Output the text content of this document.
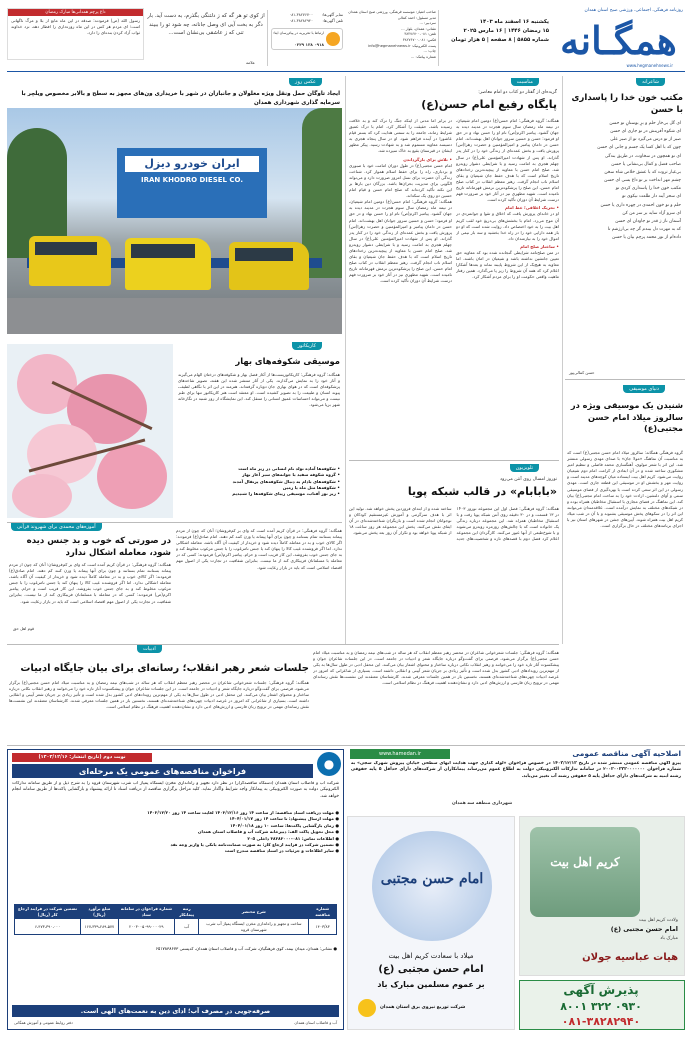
روزنامه فرهنگی، اجتماعی، ورزشی صبح استان همدان
همگـانه
www.hegmanehnews.ir
یکشنبه ۱۶ اسفند ماه ۱۴۰۳
۱۵ رمضان ۱۴۴۶ | ۱۶ مارس ۲۰۲۵
شماره ۵۸۵۵ | ۸ صفحه | ۵ هزار تومان
صاحب امتیاز: موسسه فرهنگی، ورزشی صبح استان همدان
مدیر مسئول: احمد کمالی
سردبیر: ...
نشانی: همدان، بلوار ...
تلفن: ۰۸۱-۳۸۲۷۶۷۰۰
فکس: ۰۸۱-۳۸۲۷۶۷۰۰
پست الکترونیک: info@hegmanehnews.ir
چاپ: ...
شماره پیامک: ...
نمابر آگهی‌ها:
تلفن آگهی‌ها:
۰۸۱-۳۸۲۷۶۷۰۰
۰۸۱-۳۸۲۸۲۹۴۰
ارتباط با تحریریه در پیام‌رسان ایتا:
۰۹۱۸ ۱۳۸ ۰۲۲۹
از کوی تو هر گه که ز دلتنگی بگذرم، به دست آید. بار دگر به بخت آیی ای وصل جانانه، چه شود تو را ببیند تنی که ز عاشقی بی‌نشان است...
علامه
داغ پرچم همدانی‌ها مبارک رمضان
رسول الله (ص) فرمودند: صدقه در این ماه مانع از بلا و مرگ ناگهانی است؛ ای مردم هر کس در این ماه روزه‌داری را افطار دهد، نزد خداوند ثواب آزاد کردن بنده‌ای را دارد.
شاعرانه
مکتب خون خدا را پاسداری با حسن
ای گل بی‌خار حلم و برِ بوستانِ تو حسن
ای شکوه آفرینش در تو جاری ای حسن
صبر از تو درس می‌گیرد تو از صبر علی
چون که با اهل کسا یک جسم و جانی ای حسن
ای تو همچون در سخاوت، در طریق بندگی
صاحب فضل و کمال بی‌نشانی یا حسن
بی‌غبار ثروت که با عشق خلاص شاه سخن
چشم مهر انداخت بر تو داغ بسی ای حسن
مکتب خون خدا را پاسداری کردی تو
ای سحر آینه دار طلعت نیکوی تو
حلم و تو خون احمدی در چهره داری یا حسن
ای سرو آزاد سایه بر سر من کن
آسمان ناز ز قدر تو جاودان ای حسن
که به مهرت دل ببندم گر چه بی‌ارزشم تا
داده‌ام از نور محمد پرچم بیان یا حسن
حسن کمالی‌پور
دنیای موسیقی
شنیدن یک موسیقی ویژه در سالروز میلاد امام حسن مجتبی(ع)
گروه فرهنگی همگانه: سالروز میلاد امام حسن مجتبی(ع) است که به مناسبت آن نماهنگ «مولا جان» با صدای مهدی رسولی منتشر شد. این اثر با شعر مولوی، آهنگسازی محمد فاضلی و تنظیم امیر مشکوری ساخته شده و در آن ابعادی از کرامت امام دوم شیعیان روایت می‌شود. کریم اهل بیت ایستاده میان کوچه‌های مدینه است و روایت مهر و بخشش او در موسیقی این قطعه جاری است. مهدی رسولی در این اثر سعی کرده است با بهره‌گیری از فضای موسیقی سنتی و آوای دلنشین، ارادت خود را به ساحت امام مجتبی(ع) بیان کند. این نماهنگ در فضای مجازی با استقبال مخاطبان همراه بوده و در شبکه‌های مختلف به نمایش درآمده است. علاقه‌مندان می‌توانند این اثر را در سکوهای پخش موسیقی بشنوند و با آن در شب میلاد کریم اهل بیت همراه شوند. آیین‌های جشن در شهرهای استان نیز با اجرای برنامه‌های مختلف در حال برگزاری است.
مناسبت
گزیده‌ای از گفتار دو کتاب دو امام معاصر:
پایگاه رفیع امام حسن(ع)
همگانه: گروه فرهنگی: امام حسن(ع) دومین امام شیعیان، در نیمه ماه رمضان سال سوم هجرت در مدینه دیده به جهان گشود. پیامبر اکرم(ص) نام او را حسن نهاد و در حق او فرمود: حسن و حسین سرور جوانان اهل بهشت‌اند. امام حسن در دامان پیامبر و امیرالمؤمنین و حضرت زهرا(س) پرورش یافت و بخش عمده‌ای از زندگی خود را در کنار پدر گذراند. او پس از شهادت امیرالمؤمنین علی(ع) در سال چهلم هجری به امامت رسید و با شرایطی دشوار روبه‌رو شد. صلح امام حسن با معاویه از پیچیده‌ترین رخدادهای تاریخ اسلام است که با هدف حفظ جان شیعیان و بقای اسلام ناب انجام گرفت. رهبر معظم انقلاب در کتاب صلح امام حسن، این صلح را پرشکوه‌ترین نرمش قهرمانانه تاریخ نامیده است. شهید مطهری نیز در آثار خود بر ضرورت فهم درست شرایط آن دوران تأکید کرده است.
• تحریک اخلاقی؛ خط امام
او در خانه‌ای پرورش یافت که اخلاق و تقوا و جوانمردی در آن موج می‌زد. امام با بخشش‌های بی‌دریغ خود لقب کریم اهل بیت را به خود اختصاص داد. روایت شده است که او دو بار همه دارایی خود را در راه خدا بخشید و سه بار نیمی از اموال خود را به نیازمندان داد.
• ساختار صلح امام
در متن صلح‌نامه شرایطی گنجانده شده بود که معاویه حق تعیین جانشین نداشته باشد و شیعیان در امان باشند. اما معاویه به هیچ‌یک از این شروط پایبند نماند و بعدها آشکارا اعلام کرد که همه آن شروط را زیر پا می‌گذارد. همین رفتار ماهیت واقعی حکومت او را برای مردم آشکار کرد.
در برابر اما مدتی از اینکه جنگ را ترک کند و به خلافت رسیده باشد، حقیقت را آشکار کرد. امام با درک عمیق شرایط زمانه، جامعه را به سمتی هدایت کرد که بستر قیام عاشورا در آینده فراهم شود. او در سال پنجاه هجری به دسیسه معاویه مسموم شد و به شهادت رسید. پیکر مطهر ایشان در قبرستان بقیع به خاک سپرده شد.
• تلاش برای بازگرداندن
امام حسن مجتبی(ع) در طول دوران امامت خود با صبوری و بردباری، راه را برای حفظ اسلام هموار کرد. شناخت زندگی آن حضرت برای نسل امروز ضرورت دارد و می‌تواند الگویی برای مدیریت بحران‌ها باشد. بزرگان دین بارها بر این نکته تأکید کرده‌اند که صلح امام حسن و قیام امام حسین دو روی یک سکه‌اند.
همگانه: گروه فرهنگی: امام حسن(ع) دومین امام شیعیان، در نیمه ماه رمضان سال سوم هجرت در مدینه دیده به جهان گشود. پیامبر اکرم(ص) نام او را حسن نهاد و در حق او فرمود: حسن و حسین سرور جوانان اهل بهشت‌اند. امام حسن در دامان پیامبر و امیرالمؤمنین و حضرت زهرا(س) پرورش یافت و بخش عمده‌ای از زندگی خود را در کنار پدر گذراند. او پس از شهادت امیرالمؤمنین علی(ع) در سال چهلم هجری به امامت رسید و با شرایطی دشوار روبه‌رو شد. صلح امام حسن با معاویه از پیچیده‌ترین رخدادهای تاریخ اسلام است که با هدف حفظ جان شیعیان و بقای اسلام ناب انجام گرفت. رهبر معظم انقلاب در کتاب صلح امام حسن، این صلح را پرشکوه‌ترین نرمش قهرمانانه تاریخ نامیده است. شهید مطهری نیز در آثار خود بر ضرورت فهم درست شرایط آن دوران تأکید کرده است.
تلویزیون
نوروز امسال روی آنتن می‌رود
«بابابام» در قالب شبکه پویا
همگانه: گروه فرهنگی: فصل اول این مجموعه نوروز ۱۴۰۳ در ۱۳ قسمت و در ۳۰ دقیقه روی آنتن شبکه پویا رفت و با استقبال مخاطبان همراه شد. این مجموعه درباره زندگی یک خانواده است که با چالش‌های روزمره روبه‌رو می‌شوند و با شوخ‌طبعی از آنها عبور می‌کنند. کارگردان این مجموعه اعلام کرد فصل دوم با قصه‌های تازه و شخصیت‌های جدید ساخته شده و از ابتدای فروردین پخش خواهد شد. تولید این اثر با هدف سرگرمی و آموزش غیرمستقیم کودکان و نوجوانان انجام شده است و بازیگران شناخته‌شده‌ای در آن ایفای نقش می‌کنند. پخش این مجموعه هر روز ساعت ۱۸ از شبکه پویا خواهد بود و تکرار آن روز بعد پخش می‌شود.
عکس روز
ایجاد تاوگان حمل ونقل ویژه معلولان و جانبازان در شهر با خریداری ون‌های مجهز به سطح و بالابر مخصوص ویلچر با سرمایه گذاری شهرداری همدان
ایران خودرو دیزل
IRAN KHODRO DIESEL CO.
کاریکاتور
موسیقی شکوفه‌های بهار
همگانه: گروه فرهنگی: کاریکاتوریست‌ها از آغاز فصل بهار و شکوفه‌های درختان الهام می‌گیرند و آثار خود را به نمایش می‌گذارند. یکی از آثار منتشر شده این هفته، تصویر شاخه‌های پرشکوفه‌ای است که در هوای بهاری جان دوباره گرفته‌اند. هنرمند در این اثر با نگاهی لطیف، پیوند انسان و طبیعت را به تصویر کشیده است. او معتقد است هنر کاریکاتور تنها برای طنز نیست و می‌تواند احساسات عمیق انسانی را منتقل کند. این نمایشگاه از روز شنبه در نگارخانه شهر برپا می‌شود.
• شکوفه‌ها آماده تولد نام انسانی در زیر ماه است
• گروه شکوفه سفید با جوانه‌های سبز آغاز بهار
• شکوفه‌های بادام به دنبال شکوفه‌های پرتقال آمدند
• شکوفه‌ها مثل ماه یا زمین
• زیر نور آفتاب، موسیقی زیبای شکوفه‌ها را شنیدیم
آموزه‌های محمدی برای شهروند قرآنی
در صورتی که خوب و بد جنس دیده شود، معامله اشکال ندارد
همگانه: گروه فرهنگی: در قرآن کریم آمده است که وای بر کم‌فروشان؛ آنان که چون از مردم پیمانه بستانند تمام بستانند و چون برای آنها پیمانه یا وزن کنند کم دهند. امام صادق(ع) فرمودند: اگر کالای خوب و بد در معامله کاملاً دیده شود و خریدار از کیفیت آن آگاه باشد، معامله اشکالی ندارد. اما اگر فروشنده عیب کالا را پنهان کند یا جنس نامرغوب را با جنس مرغوب مخلوط کند و به جای جنس خوب بفروشد، این کار فریب است و حرام. پیامبر اکرم(ص) فرمودند: کسی که در معامله با مسلمانان فریبکاری کند از ما نیست. بنابراین شفافیت در تجارت یکی از اصول مهم اقتصاد اسلامی است که باید در بازار رعایت شود.
همگانه: گروه فرهنگی: در قرآن کریم آمده است که وای بر کم‌فروشان؛ آنان که چون از مردم پیمانه بستانند تمام بستانند و چون برای آنها پیمانه یا وزن کنند کم دهند. امام صادق(ع) فرمودند: اگر کالای خوب و بد در معامله کاملاً دیده شود و خریدار از کیفیت آن آگاه باشد، معامله اشکالی ندارد. اما اگر فروشنده عیب کالا را پنهان کند یا جنس نامرغوب را با جنس مرغوب مخلوط کند و به جای جنس خوب بفروشد، این کار فریب است و حرام. پیامبر اکرم(ص) فرمودند: کسی که در معامله با مسلمانان فریبکاری کند از ما نیست. بنابراین شفافیت در تجارت یکی از اصول مهم اقتصاد اسلامی است که باید در بازار رعایت شود.
قوم اهل حق
ادبیات
جلسات شعر رهبر انقلاب؛ رسانه‌ای برای بیان جایگاه ادبیات
همگانه: گروه فرهنگی: جلسات شعرخوانی شاعران در محضر رهبر معظم انقلاب که هر ساله در شب‌های نیمه رمضان و به مناسبت میلاد امام حسن مجتبی(ع) برگزار می‌شود، فرصتی برای گفت‌وگو درباره جایگاه شعر و ادبیات در جامعه است. در این جلسات شاعران جوان و پیشکسوت آثار تازه خود را می‌خوانند و رهبر انقلاب نکاتی درباره ساختار و محتوای اشعار بیان می‌کنند. این محفل ادبی در طول سال‌ها به یکی از مهم‌ترین رویدادهای ادبی کشور بدل شده است و تأثیر زیادی بر جریان شعر آیینی و انقلابی داشته است. بسیاری از شاعرانی که امروز در عرصه ادبیات چهره‌های شناخته‌شده‌ای هستند، نخستین بار در همین جلسات معرفی شدند. کارشناسان معتقدند این نشست‌ها نقش رسانه‌ای مهمی در ترویج زبان فارسی و ارزش‌های ادبی دارد و نشان‌دهنده اهمیت فرهنگ در نظام اسلامی است.
همگانه: گروه فرهنگی: جلسات شعرخوانی شاعران در محضر رهبر معظم انقلاب که هر ساله در شب‌های نیمه رمضان و به مناسبت میلاد امام حسن مجتبی(ع) برگزار می‌شود، فرصتی برای گفت‌وگو درباره جایگاه شعر و ادبیات در جامعه است. در این جلسات شاعران جوان و پیشکسوت آثار تازه خود را می‌خوانند و رهبر انقلاب نکاتی درباره ساختار و محتوای اشعار بیان می‌کنند. این محفل ادبی در طول سال‌ها به یکی از مهم‌ترین رویدادهای ادبی کشور بدل شده است و تأثیر زیادی بر جریان شعر آیینی و انقلابی داشته است. بسیاری از شاعرانی که امروز در عرصه ادبیات چهره‌های شناخته‌شده‌ای هستند، نخستین بار در همین جلسات معرفی شدند. کارشناسان معتقدند این نشست‌ها نقش رسانه‌ای مهمی در ترویج زبان فارسی و ارزش‌های ادبی دارد و نشان‌دهنده اهمیت فرهنگ در نظام اسلامی است.
نوبت دوم (تاریخ انتشار: ۱۴۰۳/۱۲/۱۶)	●
فراخوان مناقصه‌های عمومی یک مرحله‌ای
شرکت آب و فاضلاب استان همدان (دستگاه مناقصه‌گزار) در نظر دارد تجهیز و راه‌اندازی مخزن ایستگاه پمپاژ آب شرب شهرستان قروه را به شرح ذیل و از طریق سامانه تدارکات الکترونیکی دولت به صورت الکترونیکی به پیمانکار واجد شرایط واگذار نماید. کلیه مراحل برگزاری مناقصه از دریافت اسناد تا ارائه پیشنهاد و بازگشایی پاکت‌ها از طریق سامانه انجام خواهد شد.
● مهلت دریافت اسناد مناقصه: از ساعت ۱۴ روز ۱۴۰۳/۱۲/۱۶ لغایت ساعت ۱۴ روز ۱۴۰۳/۱۲/۲۰
● مهلت ارسال پیشنهاد: تا ساعت ۱۴ روز ۱۴۰۴/۰۱/۱۷
● زمان بازگشایی پاکت‌ها: ساعت ۱۰ روز ۱۴۰۴/۰۱/۱۸
● محل تحویل پاکت الف: دبیرخانه شرکت آب و فاضلاب استان همدان
● اطلاعات تماس: ۰۸۱-۳۸۲۸۳۰۰۰ داخلی ۲۰۵
● تضمین شرکت در فرایند ارجاع کار: به صورت ضمانت‌نامه بانکی یا واریز وجه نقد
● سایر اطلاعات و جزئیات در اسناد مناقصه مندرج است
شماره مناقصه	شرح مختصر	رتبه پیمانکار	شماره فراخوان در سامانه ستاد	مبلغ برآورد (ریال)	تضمین شرکت در فرایند ارجاع کار (ریال)
۱۴۰۳/۸۳	ساخت و تجهیز و راه‌اندازی مخزن ایستگاه پمپاژ آب شرب شهرستان قروه	آب	۲۰۰۳۰۰۵۰۹۹۰۰۰۰۲۹	۱۶۷،۳۳۹،۲۸۹،۵۷۷	۶،۴۷۳،۳۹۰،۰۰۰
● نشانی: همدان، میدان بیمه، کوی فرهنگیان، شرکت آب و فاضلاب استان همدان، کدپستی ۶۵۱۷۸۳۸۶۷۳
صرفه‌جویی در مصرف آب؛ ادای دین به نعمت‌های الهی است.
دفتر روابط عمومی و آموزش همگانی	آب و فاضلاب استان همدان
اصلاحیه آگهی مناقصه عمومی
www.hamedan.ir
پیرو آگهی مناقصه عمومی منتشر شده در تاریخ ۱۴۰۳/۱۲/۱۳ در خصوص فراخوان «لوله گذاری جهت هدایت آبهای سطحی خیابان پیروش شهرک سجی» به شماره فراخوان ۲۰۰۳۰۰۳۳۳۰۰۰۰۰۰۰ در سامانه تدارکات الکترونیکی دولت به اطلاع عموم می‌رساند پیمانکاران از شرکت‌های دارای حداقل ۵ پایه حقوقی رشته ابنیه به شرکت‌های دارای حداقل پایه ۵ حقوقی رشته آب تغییر می‌یابد.
شهرداری منطقه سه همدان
امام حسن مجتبی
میلاد با سعادت کریم اهل بیت
امام حسن مجتبی (ع)
بر عموم مسلمین مبارک باد
شرکت توزیع نیروی برق استان همدان
کریم اهل بیت
ولادت کریم اهل بیت
امام حسن مجتبی (ع)
مبارک باد
هیات عباسیه جولان
پذیرش آگهی
۰۹۳۰ ۳۲۲ ۸۰۰۱
۰۸۱-۳۸۲۸۲۹۴۰
